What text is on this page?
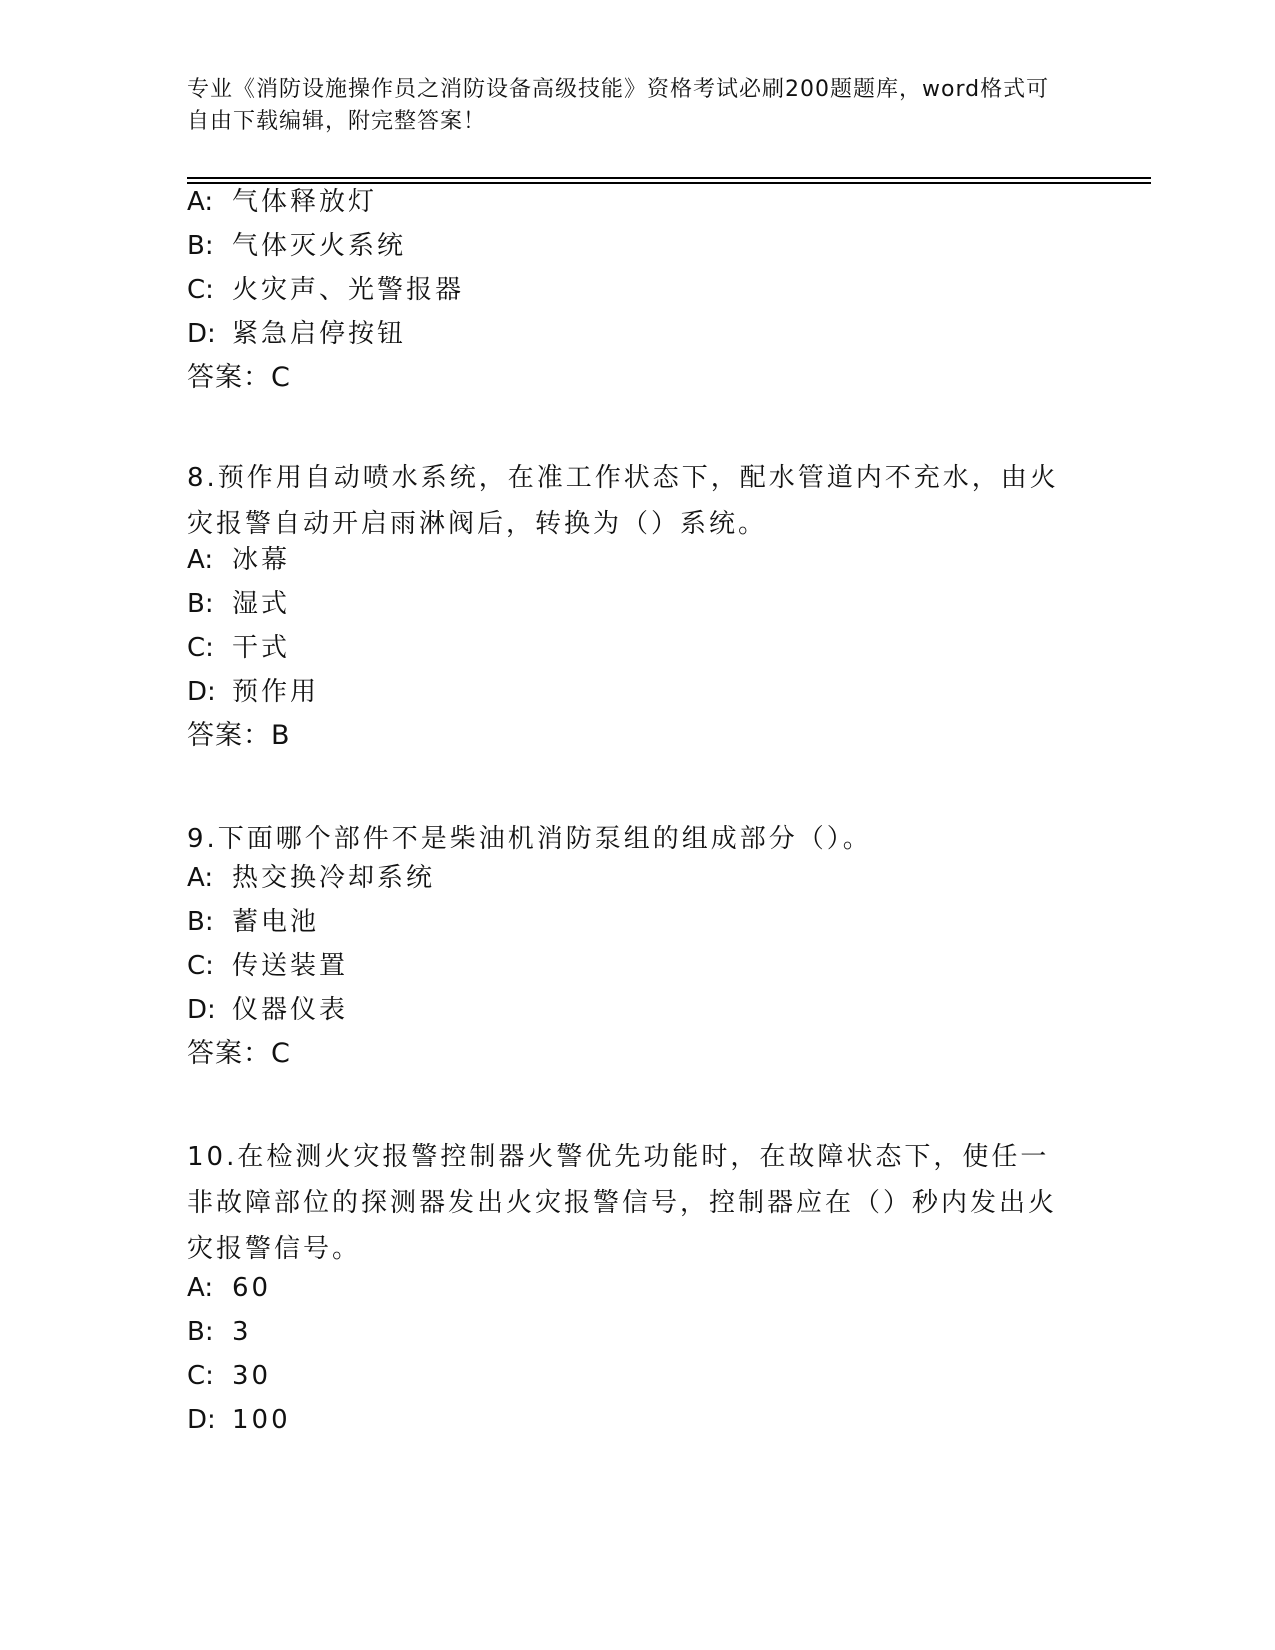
专业《消防设施操作员之消防设备高级技能》资格考试必刷200题题库，word格式可自由下载编辑，附完整答案！
A: 气体释放灯
B: 气体灭火系统
C: 火灾声、光警报器
D: 紧急启停按钮
答案：C
8.预作用自动喷水系统，在准工作状态下，配水管道内不充水，由火灾报警自动开启雨淋阀后，转换为（）系统。
A: 冰幕
B: 湿式
C: 干式
D: 预作用
答案：B
9.下面哪个部件不是柴油机消防泵组的组成部分（）。
A: 热交换冷却系统
B: 蓄电池
C: 传送装置
D: 仪器仪表
答案：C
10.在检测火灾报警控制器火警优先功能时，在故障状态下，使任一非故障部位的探测器发出火灾报警信号，控制器应在（）秒内发出火灾报警信号。
A: 60
B: 3
C: 30
D: 100
